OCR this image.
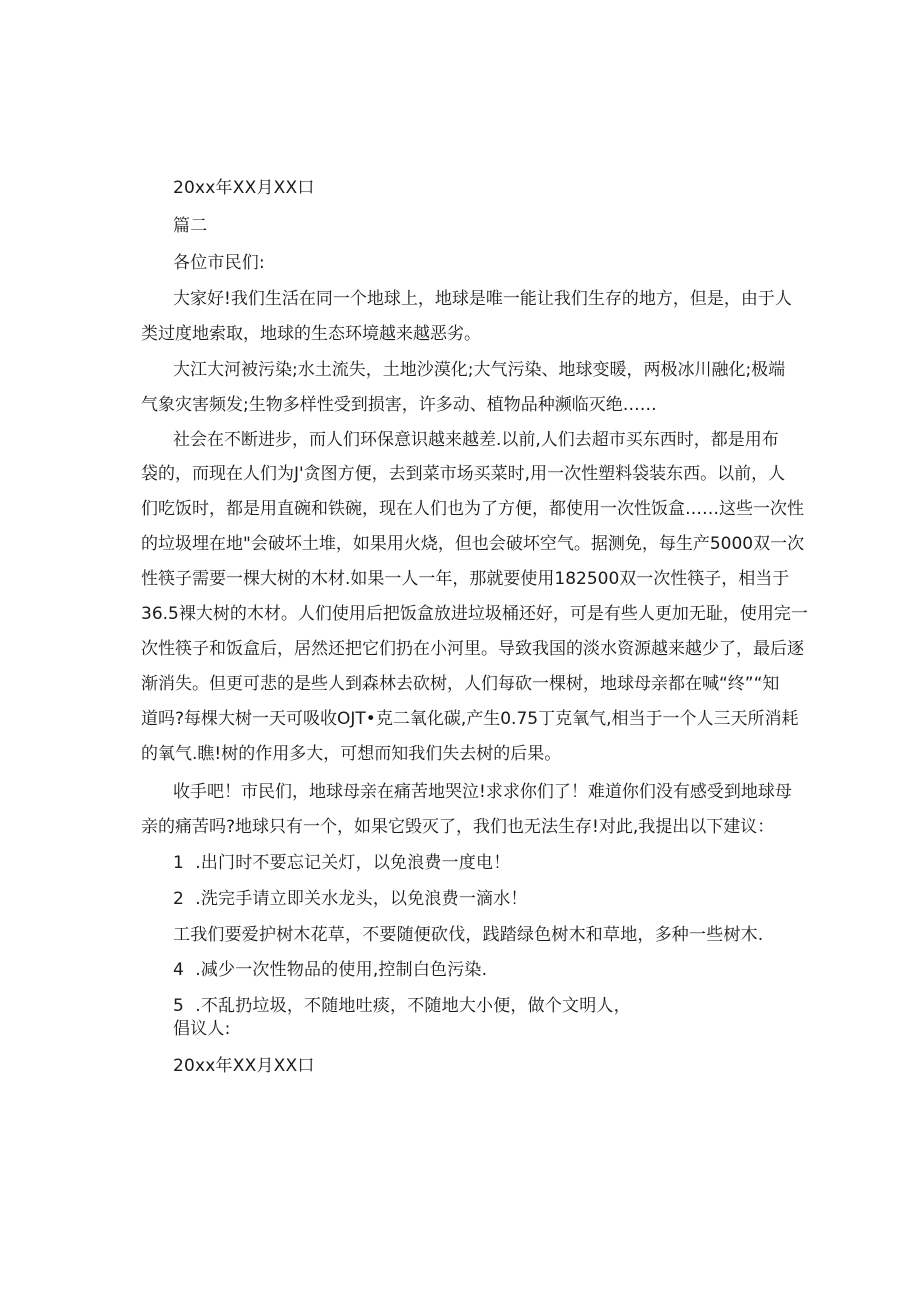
20xx年XX月XX口
篇二
各位市民们:
大家好!我们生活在同一个地球上，地球是唯一能让我们生存的地方，但是，由于人
类过度地索取，地球的生态环境越来越恶劣。
大江大河被污染;水土流失，土地沙漠化;大气污染、地球变暖，两极冰川融化;极端
气象灾害频发;生物多样性受到损害，许多动、植物品种濒临灭绝……
社会在不断进步，而人们环保意识越来越差.以前,人们去超市买东西时，都是用布
袋的，而现在人们为J'贪图方便，去到菜市场买菜时,用一次性塑料袋装东西。以前，人
们吃饭时，都是用直碗和铁碗，现在人们也为了方便，都使用一次性饭盒……这些一次性
的垃圾埋在地"会破坏土堆，如果用火烧，但也会破坏空气。据测免，每生产5000双一次
性筷子需要一棵大树的木材.如果一人一年，那就要使用182500双一次性筷子，相当于
36.5裸大树的木材。人们使用后把饭盒放进垃圾桶还好，可是有些人更加无耻，使用完一
次性筷子和饭盒后，居然还把它们扔在小河里。导致我国的淡水资源越来越少了，最后逐
渐消失。但更可悲的是些人到森林去砍树，人们每砍一棵树，地球母亲都在喊“终”“知
道吗?每棵大树一天可吸收OJT•克二氧化碳,产生0.75丁克氧气,相当于一个人三天所消耗
的氧气.瞧!树的作用多大，可想而知我们失去树的后果。
收手吧！市民们，地球母亲在痛苦地哭泣!求求你们了！难道你们没有感受到地球母
亲的痛苦吗?地球只有一个，如果它毁灭了，我们也无法生存!对此,我提出以下建议：
1  .出门时不要忘记关灯，以免浪费一度电！
2  .洗完手请立即关水龙头，以免浪费一滴水！
工我们要爱护树木花草，不要随便砍伐，践踏绿色树木和草地，多种一些树木.
4  .减少一次性物品的使用,控制白色污染.
5  .不乱扔垃圾，不随地吐痰，不随地大小便，做个文明人，
倡议人:
20xx年XX月XX口
